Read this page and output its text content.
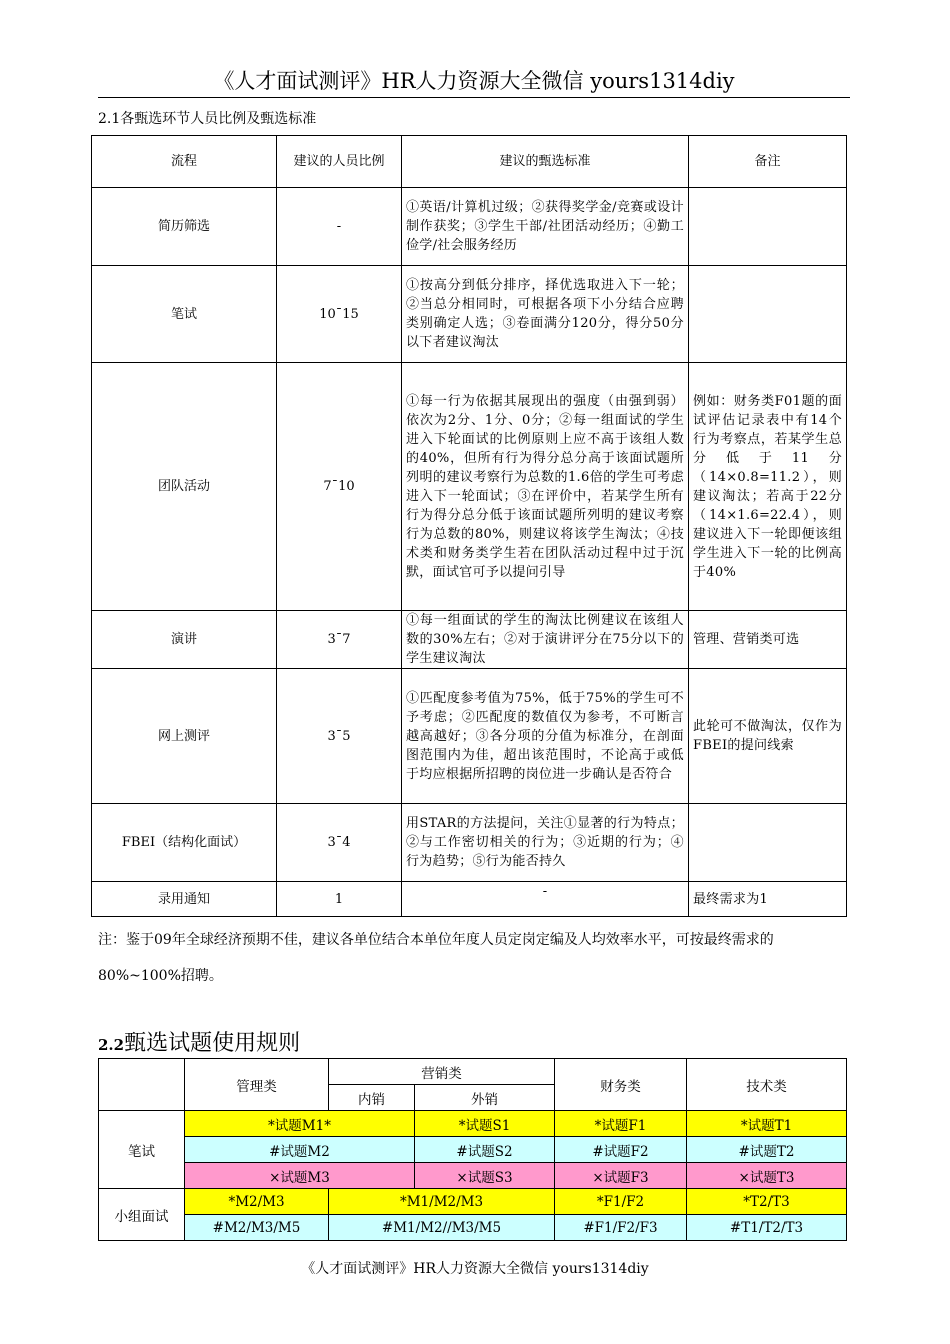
《人才面试测评》HR人力资源大全微信 yours1314diy
2.1各甄选环节人员比例及甄选标准
流程	建议的人员比例	建议的甄选标准	备注
简历筛选	-	①英语/计算机过级；②获得奖学金/竞赛或设计制作获奖；③学生干部/社团活动经历；④勤工俭学/社会服务经历	
笔试	10¯15	①按高分到低分排序，择优选取进入下一轮；②当总分相同时，可根据各项下小分结合应聘类别确定人选；③卷面满分120分，得分50分以下者建议淘汰	
团队活动	7¯10	①每一行为依据其展现出的强度（由强到弱）依次为2分、1分、0分；②每一组面试的学生进入下轮面试的比例原则上应不高于该组人数的40%，但所有行为得分总分高于该面试题所列明的建议考察行为总数的1.6倍的学生可考虑进入下一轮面试；③在评价中，若某学生所有行为得分总分低于该面试题所列明的建议考察行为总数的80%，则建议将该学生淘汰；④技术类和财务类学生若在团队活动过程中过于沉默，面试官可予以提问引导	例如：财务类F01题的面试评估记录表中有14个行为考察点，若某学生总分低于11分（14×0.8=11.2），则建议淘汰；若高于22分（14×1.6=22.4），则建议进入下一轮即便该组学生进入下一轮的比例高于40%
演讲	3¯7	①每一组面试的学生的淘汰比例建议在该组人数的30%左右；②对于演讲评分在75分以下的学生建议淘汰	管理、营销类可选
网上测评	3¯5	①匹配度参考值为75%，低于75%的学生可不予考虑；②匹配度的数值仅为参考，不可断言越高越好；③各分项的分值为标准分，在剖面图范围内为佳，超出该范围时，不论高于或低于均应根据所招聘的岗位进一步确认是否符合	此轮可不做淘汰，仅作为FBEI的提问线索
FBEI（结构化面试）	3¯4	用STAR的方法提问，关注①显著的行为特点；②与工作密切相关的行为；③近期的行为；④行为趋势；⑤行为能否持久	
录用通知	1	-	最终需求为1
注：鉴于09年全球经济预期不佳，建议各单位结合本单位年度人员定岗定编及人均效率水平，可按最终需求的80%~100%招聘。
2.2甄选试题使用规则
	管理类	营销类		财务类	技术类
		内销	外销		
笔试	*试题M1*		*试题S1	*试题F1	*试题T1
	#试题M2		#试题S2	#试题F2	#试题T2
	×试题M3		×试题S3	×试题F3	×试题T3
小组面试	*M2/M3	*M1/M2/M3		*F1/F2	*T2/T3
	#M2/M3/M5	#M1/M2//M3/M5		#F1/F2/F3	#T1/T2/T3
《人才面试测评》HR人力资源大全微信 yours1314diy
